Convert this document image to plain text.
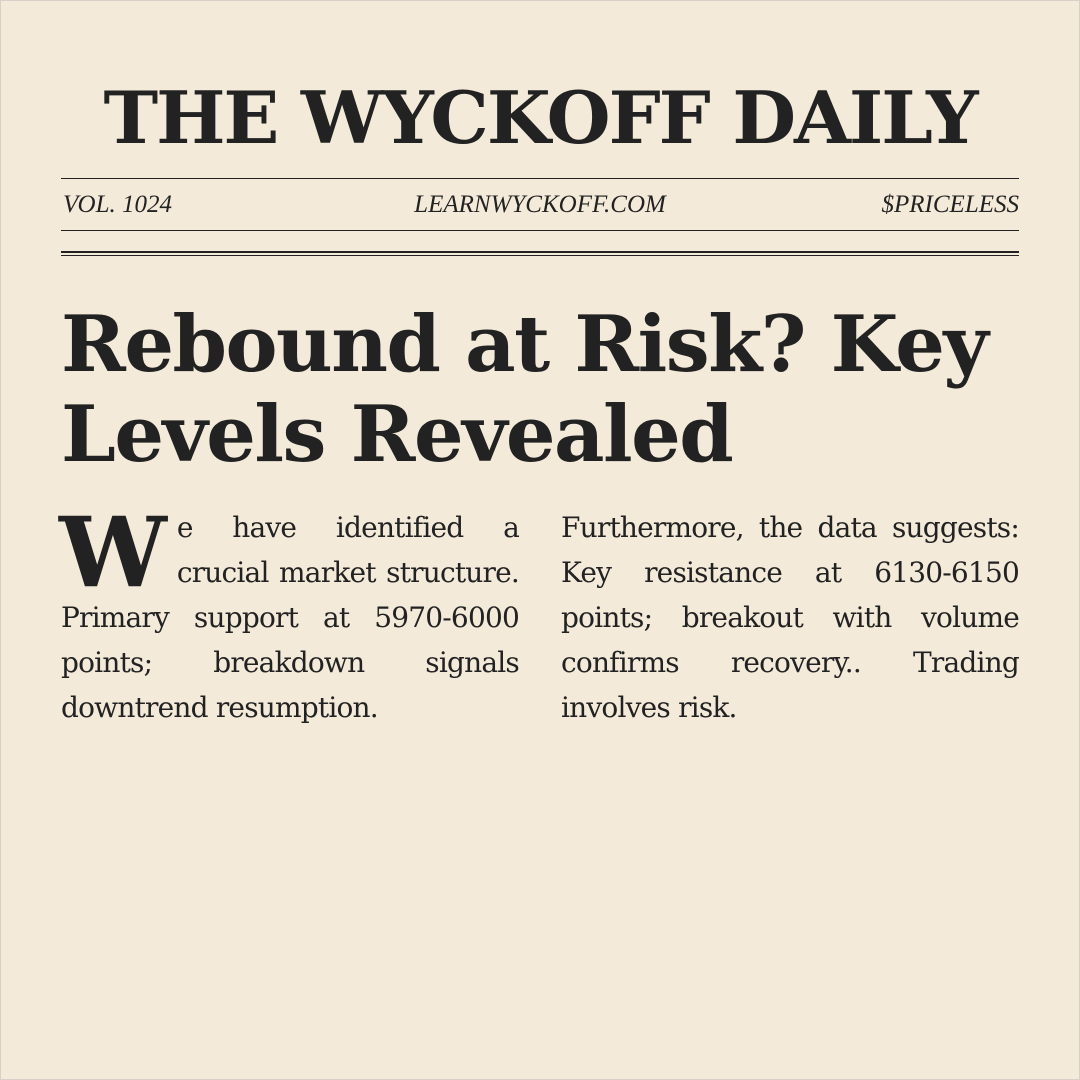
THE WYCKOFF DAILY
VOL. 1024	LEARNWYCKOFF.COM	$PRICELESS
Rebound at Risk? Key Levels Revealed

We have identified a crucial market structure. Primary support at 5970-6000 points; breakdown signals downtrend resumption.

Furthermore, the data suggests: Key resistance at 6130-6150 points; breakout with volume confirms recovery.. Trading involves risk.
